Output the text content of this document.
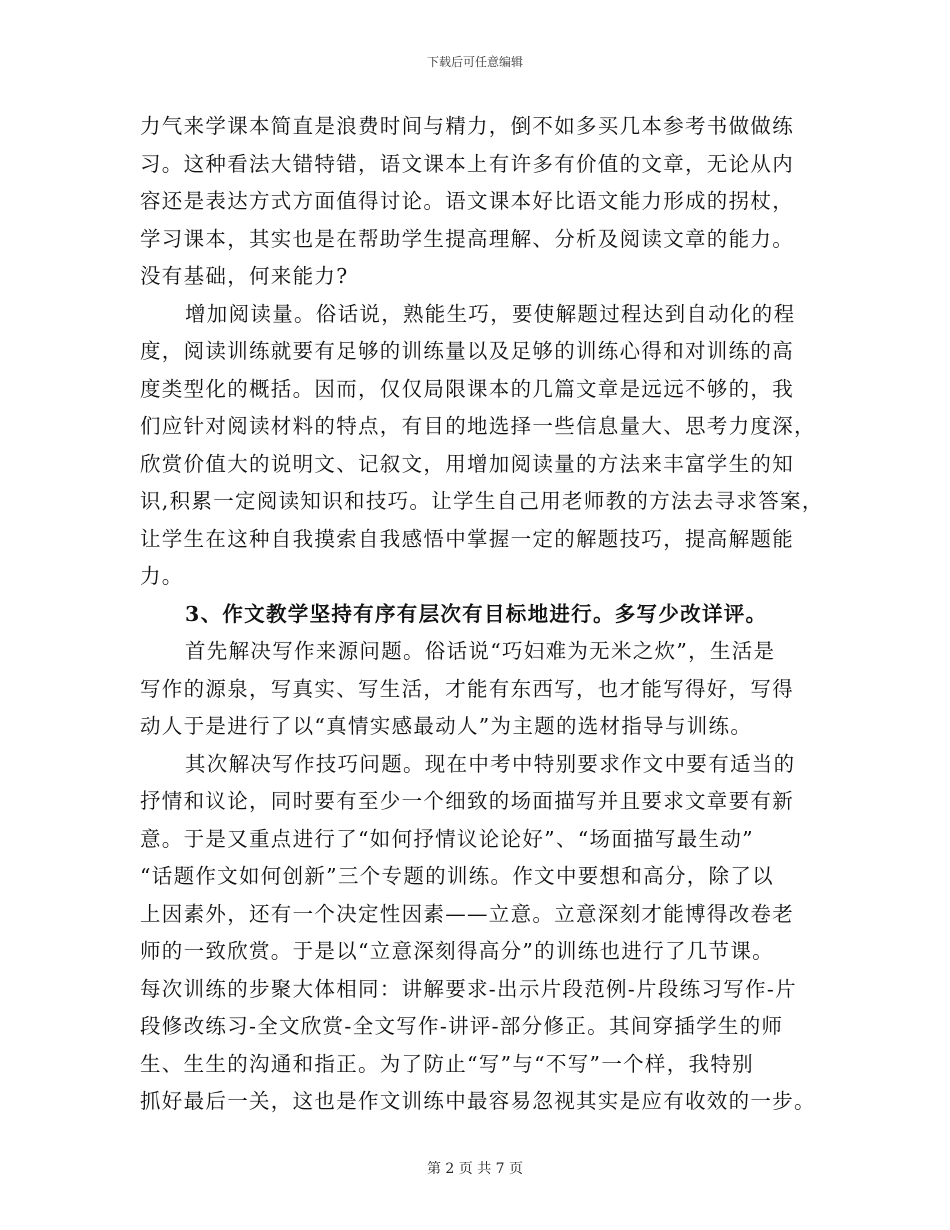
下载后可任意编辑
力气来学课本简直是浪费时间与精力，倒不如多买几本参考书做做练
习。这种看法大错特错，语文课本上有许多有价值的文章，无论从内
容还是表达方式方面值得讨论。语文课本好比语文能力形成的拐杖，
学习课本，其实也是在帮助学生提高理解、分析及阅读文章的能力。
没有基础，何来能力?
增加阅读量。俗话说，熟能生巧，要使解题过程达到自动化的程
度，阅读训练就要有足够的训练量以及足够的训练心得和对训练的高
度类型化的概括。因而，仅仅局限课本的几篇文章是远远不够的，我
们应针对阅读材料的特点，有目的地选择一些信息量大、思考力度深，
欣赏价值大的说明文、记叙文，用增加阅读量的方法来丰富学生的知
识,积累一定阅读知识和技巧。让学生自己用老师教的方法去寻求答案，
让学生在这种自我摸索自我感悟中掌握一定的解题技巧，提高解题能
力。
3、作文教学坚持有序有层次有目标地进行。多写少改详评。
首先解决写作来源问题。俗话说“巧妇难为无米之炊”，生活是
写作的源泉，写真实、写生活，才能有东西写，也才能写得好，写得
动人于是进行了以“真情实感最动人”为主题的选材指导与训练。
其次解决写作技巧问题。现在中考中特别要求作文中要有适当的
抒情和议论，同时要有至少一个细致的场面描写并且要求文章要有新
意。于是又重点进行了“如何抒情议论论好”、“场面描写最生动”
“话题作文如何创新”三个专题的训练。作文中要想和高分，除了以
上因素外，还有一个决定性因素——立意。立意深刻才能博得改卷老
师的一致欣赏。于是以“立意深刻得高分”的训练也进行了几节课。
每次训练的步聚大体相同：讲解要求-出示片段范例-片段练习写作-片
段修改练习-全文欣赏-全文写作-讲评-部分修正。其间穿插学生的师
生、生生的沟通和指正。为了防止“写”与“不写”一个样，我特别
抓好最后一关，这也是作文训练中最容易忽视其实是应有收效的一步。
第 2 页 共 7 页
